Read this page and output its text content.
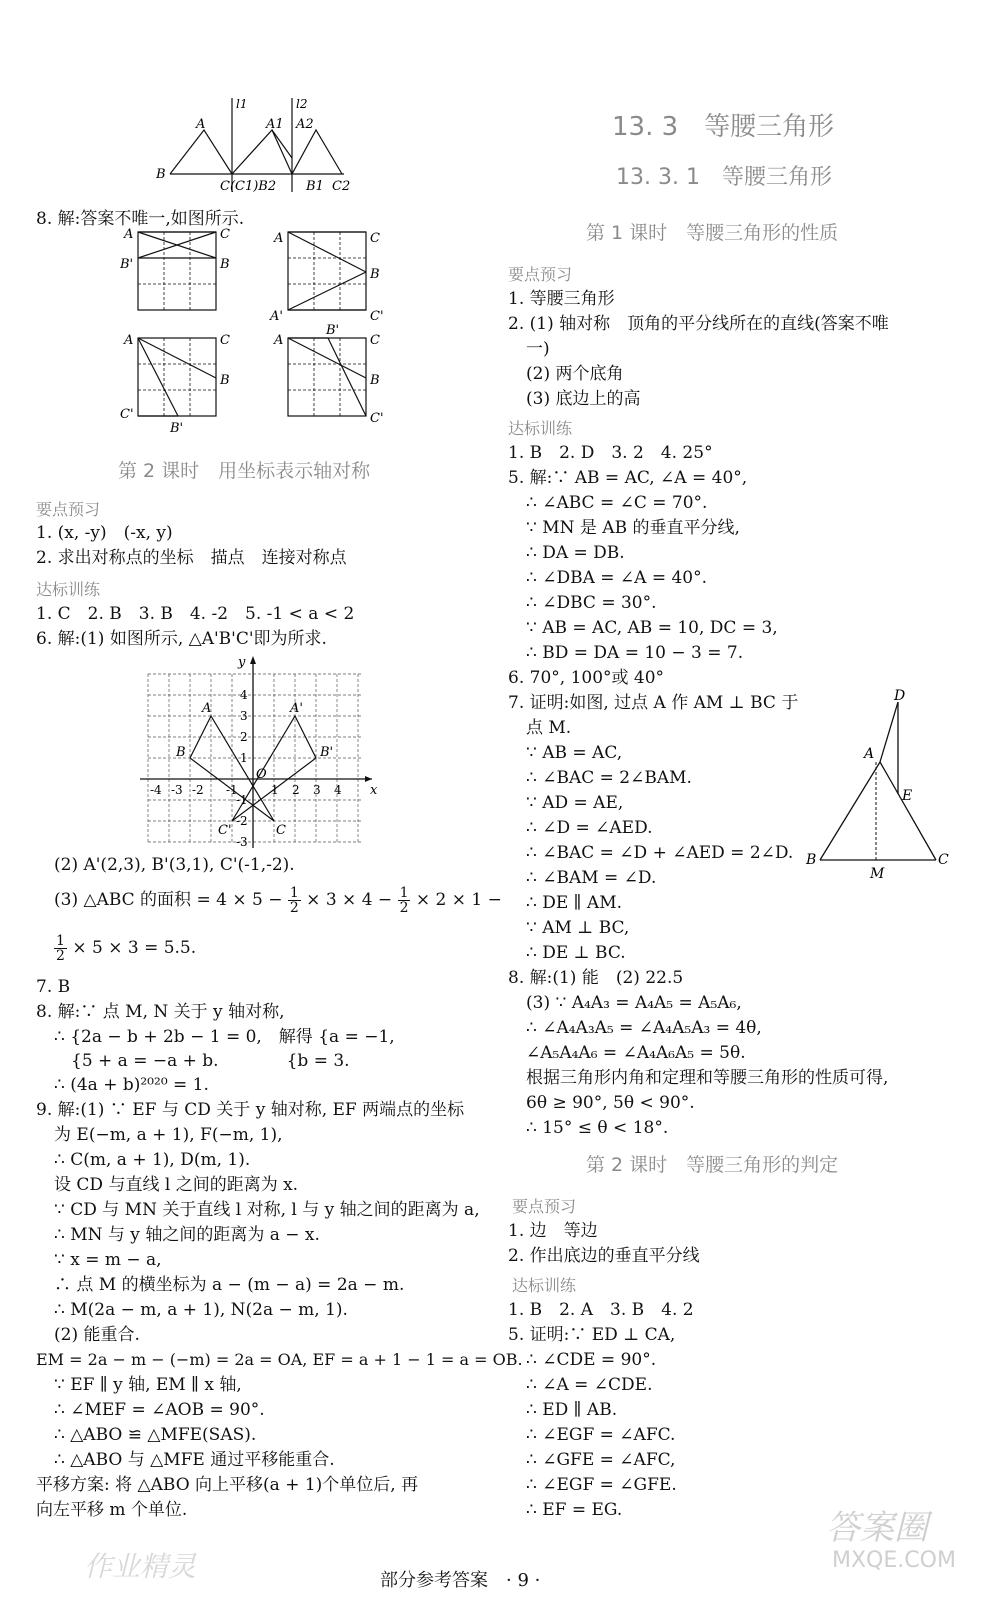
l1	l2
A	A1 A2
B
C(C1)B2 B1 C2
8. 解:答案不唯一,如图所示.
A	C
B'	B
A	C
B
A'	C'
A	C
B
C'
B'
A
B'
C
B
C'
第 2 课时　用坐标表示轴对称
要点预习
1. (x, -y)　(-x, y)
2. 求出对称点的坐标　描点　连接对称点
达标训练
1. C　2. B　3. B　4. -2　5. -1 < a < 2
6. 解:(1) 如图所示, △A'B'C'即为所求.
y
x
O
A	A'
B	B'
C
C'
-4 -3 -2 -1	1 2 3 4
4
3
2
1
-1
-2
-3
(2) A'(2,3), B'(3,1), C'(-1,-2).
(3) △ABC 的面积 = $4 \times 5 - \frac{1}{2} \times 3 \times 4 - \frac{1}{2} \times 2 \times 1$ −
$\frac{1}{2} \times 5 \times 3 = 5.5$.
7. B
8. 解:∵ 点 M, N 关于 y 轴对称,
∴ {2a − b + 2b − 1 = 0,　解得 {a = −1,
　{5 + a = −a + b.　　　　{b = 3.
∴ (4a + b)²⁰²⁰ = 1.
9. 解:(1) ∵ EF 与 CD 关于 y 轴对称, EF 两端点的坐标
为 E(−m, a + 1), F(−m, 1),
∴ C(m, a + 1), D(m, 1).
设 CD 与直线 l 之间的距离为 x.
∵ CD 与 MN 关于直线 l 对称, l 与 y 轴之间的距离为 a,
∴ MN 与 y 轴之间的距离为 a − x.
∵ x = m − a,
∴ 点 M 的横坐标为 a − (m − a) = 2a − m.
∴ M(2a − m, a + 1), N(2a − m, 1).
(2) 能重合.
EM = 2a − m − (−m) = 2a = OA, EF = a + 1 − 1 = a = OB.
∵ EF ∥ y 轴, EM ∥ x 轴,
∴ ∠MEF = ∠AOB = 90°.
∴ △ABO ≌ △MFE(SAS).
∴ △ABO 与 △MFE 通过平移能重合.
平移方案: 将 △ABO 向上平移(a + 1)个单位后, 再
向左平移 m 个单位.
13. 3　等腰三角形
13. 3. 1　等腰三角形
第 1 课时　等腰三角形的性质
要点预习
1. 等腰三角形
2. (1) 轴对称　顶角的平分线所在的直线(答案不唯
一)
(2) 两个底角
(3) 底边上的高
达标训练
1. B　2. D　3. 2　4. 25°
5. 解:∵ AB = AC, ∠A = 40°,
∴ ∠ABC = ∠C = 70°.
∵ MN 是 AB 的垂直平分线,
∴ DA = DB.
∴ ∠DBA = ∠A = 40°.
∴ ∠DBC = 30°.
∵ AB = AC, AB = 10, DC = 3,
∴ BD = DA = 10 − 3 = 7.
6. 70°, 100°或 40°
7. 证明:如图, 过点 A 作 AM ⊥ BC 于
点 M.
∵ AB = AC,
∴ ∠BAC = 2∠BAM.
∵ AD = AE,
∴ ∠D = ∠AED.
∴ ∠BAC = ∠D + ∠AED = 2∠D.
∴ ∠BAM = ∠D.
∴ DE ∥ AM.
∵ AM ⊥ BC,
∴ DE ⊥ BC.
8. 解:(1) 能　(2) 22.5
(3) ∵ A₄A₃ = A₄A₅ = A₅A₆,
∴ ∠A₄A₃A₅ = ∠A₄A₅A₃ = 4θ,
∠A₅A₄A₆ = ∠A₄A₆A₅ = 5θ.
根据三角形内角和定理和等腰三角形的性质可得,
6θ ≥ 90°, 5θ < 90°.
∴ 15° ≤ θ < 18°.
D
A
E
B
M
C
第 2 课时　等腰三角形的判定
要点预习
1. 边　等边
2. 作出底边的垂直平分线
达标训练
1. B　2. A　3. B　4. 2
5. 证明:∵ ED ⊥ CA,
∴ ∠CDE = 90°.
∴ ∠A = ∠CDE.
∴ ED ∥ AB.
∴ ∠EGF = ∠AFC.
∴ ∠GFE = ∠AFC,
∴ ∠EGF = ∠GFE.
∴ EF = EG.
部分参考答案　· 9 ·
作业精灵
答案圈
MXQE.COM
